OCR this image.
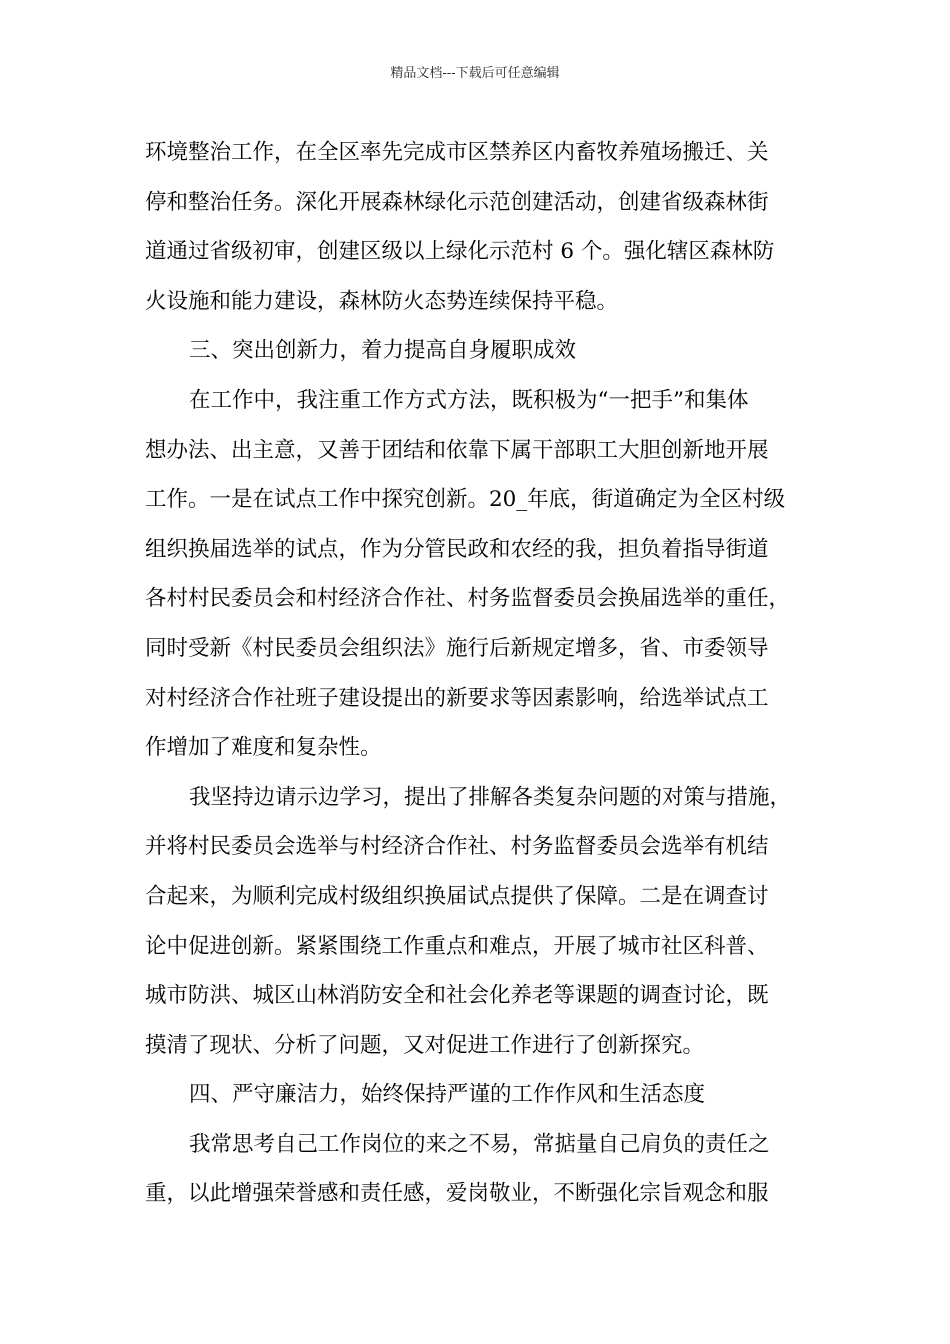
精品文档---下载后可任意编辑
环境整治工作，在全区率先完成市区禁养区内畜牧养殖场搬迁、关
停和整治任务。深化开展森林绿化示范创建活动，创建省级森林街
道通过省级初审，创建区级以上绿化示范村 6 个。强化辖区森林防
火设施和能力建设，森林防火态势连续保持平稳。
三、突出创新力，着力提高自身履职成效
在工作中，我注重工作方式方法，既积极为“一把手”和集体
想办法、出主意，又善于团结和依靠下属干部职工大胆创新地开展
工作。一是在试点工作中探究创新。20_年底，街道确定为全区村级
组织换届选举的试点，作为分管民政和农经的我，担负着指导街道
各村村民委员会和村经济合作社、村务监督委员会换届选举的重任，
同时受新《村民委员会组织法》施行后新规定增多，省、市委领导
对村经济合作社班子建设提出的新要求等因素影响，给选举试点工
作增加了难度和复杂性。
我坚持边请示边学习，提出了排解各类复杂问题的对策与措施，
并将村民委员会选举与村经济合作社、村务监督委员会选举有机结
合起来，为顺利完成村级组织换届试点提供了保障。二是在调查讨
论中促进创新。紧紧围绕工作重点和难点，开展了城市社区科普、
城市防洪、城区山林消防安全和社会化养老等课题的调查讨论，既
摸清了现状、分析了问题，又对促进工作进行了创新探究。
四、严守廉洁力，始终保持严谨的工作作风和生活态度
我常思考自己工作岗位的来之不易，常掂量自己肩负的责任之
重，以此增强荣誉感和责任感，爱岗敬业，不断强化宗旨观念和服
